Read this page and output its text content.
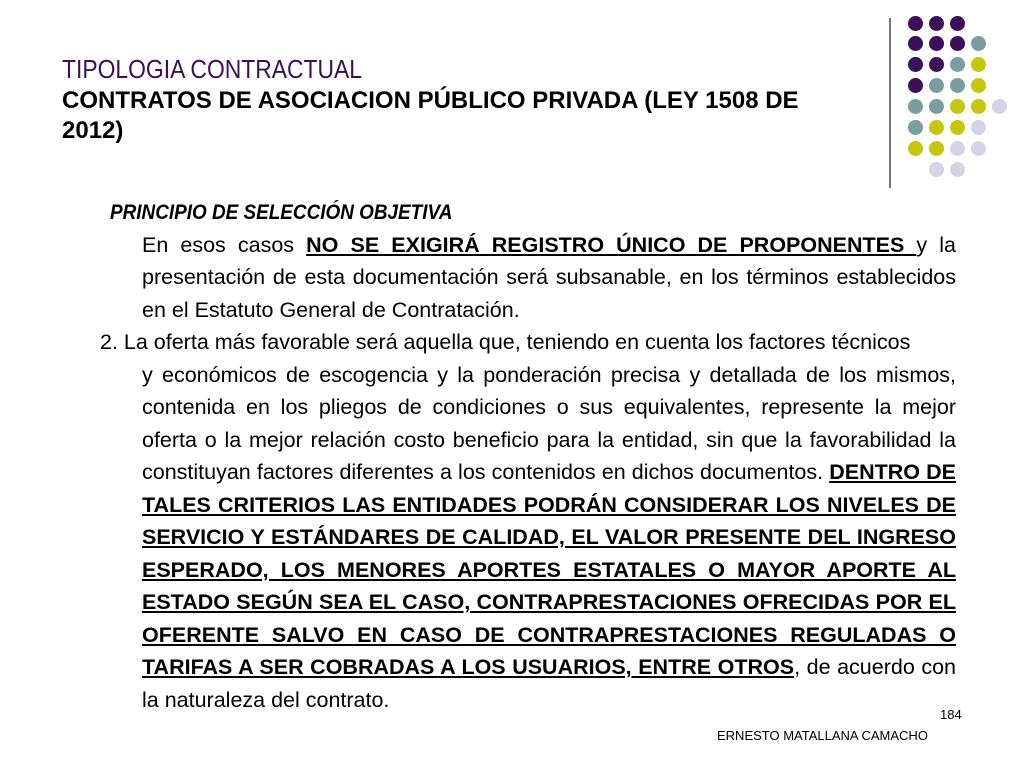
TIPOLOGIA CONTRACTUAL
CONTRATOS DE ASOCIACION PÚBLICO PRIVADA (LEY 1508 DE 2012)
PRINCIPIO DE SELECCIÓN OBJETIVA
En esos casos NO SE EXIGIRÁ REGISTRO ÚNICO DE PROPONENTES y la presentación de esta documentación será subsanable, en los términos establecidos en el Estatuto General de Contratación.
2. La oferta más favorable será aquella que, teniendo en cuenta los factores técnicos
y económicos de escogencia y la ponderación precisa y detallada de los mismos, contenida en los pliegos de condiciones o sus equivalentes, represente la mejor oferta o la mejor relación costo beneficio para la entidad, sin que la favorabilidad la constituyan factores diferentes a los contenidos en dichos documentos. DENTRO DE TALES CRITERIOS LAS ENTIDADES PODRÁN CONSIDERAR LOS NIVELES DE SERVICIO Y ESTÁNDARES DE CALIDAD, EL VALOR PRESENTE DEL INGRESO ESPERADO, LOS MENORES APORTES ESTATALES O MAYOR APORTE AL ESTADO SEGÚN SEA EL CASO, CONTRAPRESTACIONES OFRECIDAS POR EL OFERENTE SALVO EN CASO DE CONTRAPRESTACIONES REGULADAS O TARIFAS A SER COBRADAS A LOS USUARIOS, ENTRE OTROS, de acuerdo con la naturaleza del contrato.
184
ERNESTO MATALLANA CAMACHO
